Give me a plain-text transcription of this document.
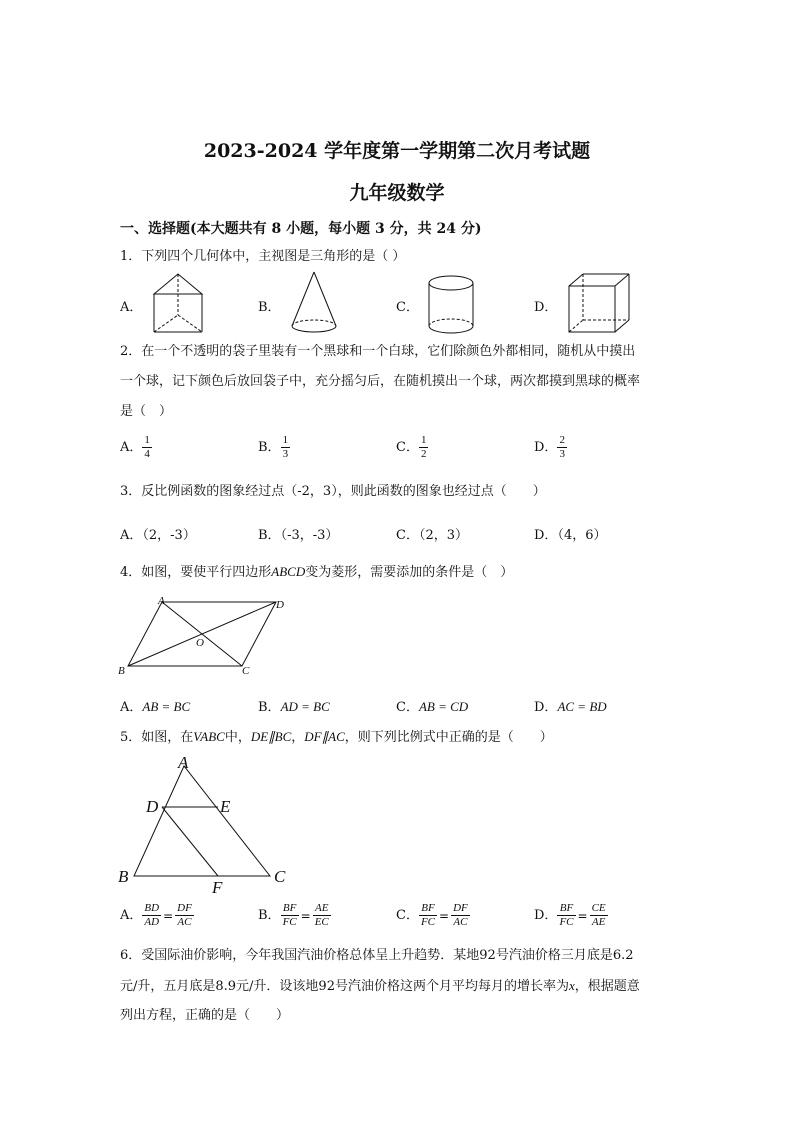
2023-2024 学年度第一学期第二次月考试题
九年级数学
一、选择题(本大题共有 8 小题，每小题 3 分，共 24 分)
1．下列四个几何体中，主视图是三角形的是（ ）
A．	B．	C．	D．
2．在一个不透明的袋子里装有一个黑球和一个白球，它们除颜色外都相同，随机从中摸出
一个球，记下颜色后放回袋子中，充分摇匀后，在随机摸出一个球，两次都摸到黑球的概率
是（　）
A． $\frac{1}{4}$	B． $\frac{1}{3}$	C． $\frac{1}{2}$	D． $\frac{2}{3}$
3．反比例函数的图象经过点（-2，3），则此函数的图象也经过点（　　）
A．（2，-3）	B．（-3，-3）	C．（2，3）	D．（4，6）
4．如图，要使平行四边形ABCD变为菱形，需要添加的条件是（　）
A	D
B	C
O
A．AB = BC	B．AD = BC	C．AB = CD	D．AC = BD
5．如图，在VABC中，DE∥BC，DF∥AC，则下列比例式中正确的是（　　）
A
D	E
B
F
C
A． $\frac{BD}{AD} = \frac{DF}{AC}$	B． $\frac{BF}{FC} = \frac{AE}{EC}$	C． $\frac{BF}{FC} = \frac{DF}{AC}$	D． $\frac{BF}{FC} = \frac{CE}{AE}$
6．受国际油价影响，今年我国汽油价格总体呈上升趋势．某地92号汽油价格三月底是6.2
元/升，五月底是8.9元/升．设该地92号汽油价格这两个月平均每月的增长率为x，根据题意
列出方程，正确的是（　　）
